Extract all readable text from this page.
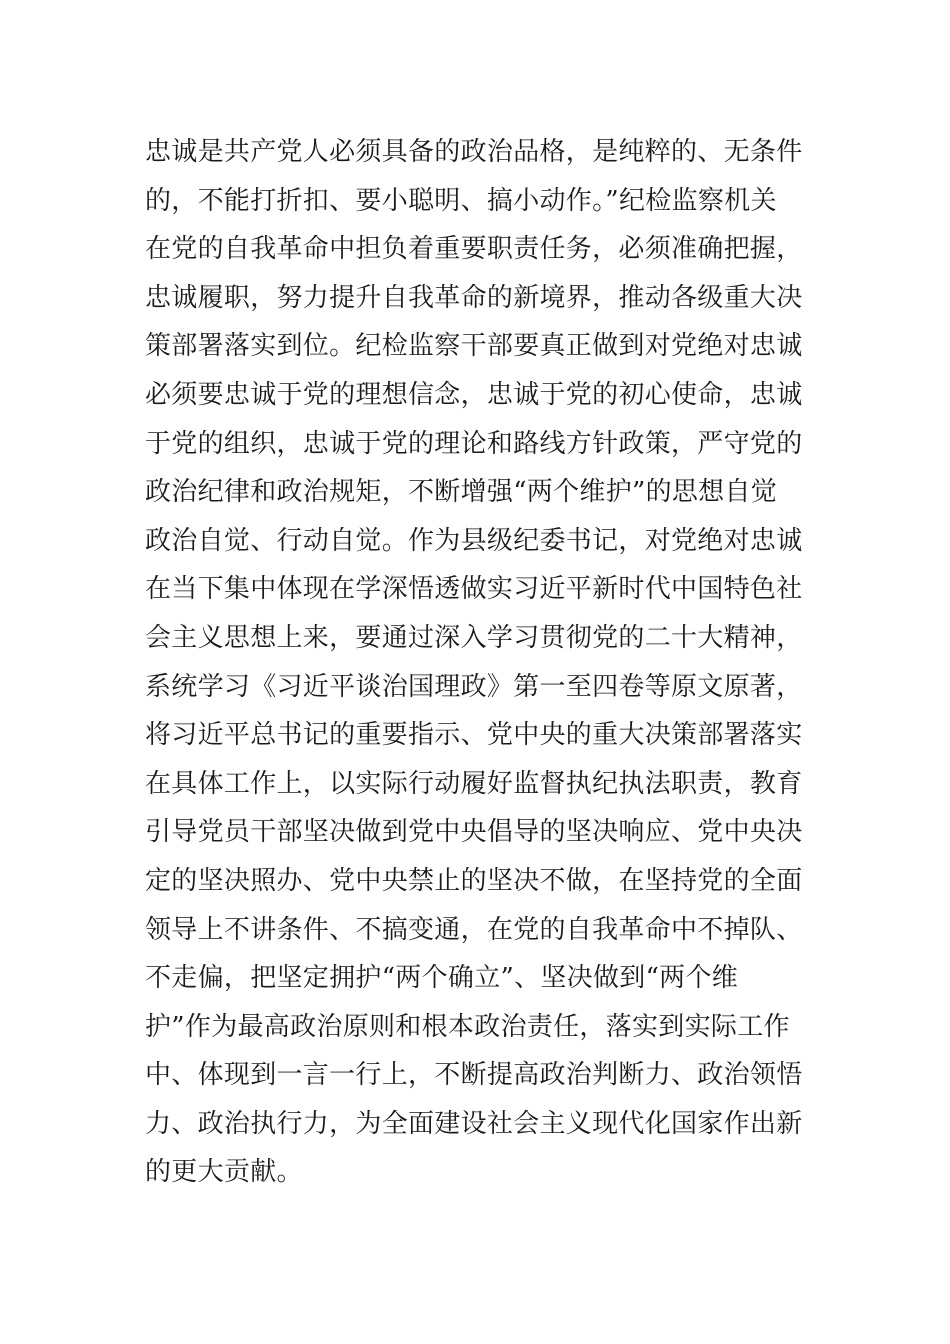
忠诚是共产党人必须具备的政治品格，是纯粹的、无条件
的，不能打折扣、要小聪明、搞小动作。”纪检监察机关
在党的自我革命中担负着重要职责任务，必须准确把握，
忠诚履职，努力提升自我革命的新境界，推动各级重大决
策部署落实到位。纪检监察干部要真正做到对党绝对忠诚
必须要忠诚于党的理想信念，忠诚于党的初心使命，忠诚
于党的组织，忠诚于党的理论和路线方针政策，严守党的
政治纪律和政治规矩，不断增强“两个维护”的思想自觉
政治自觉、行动自觉。作为县级纪委书记，对党绝对忠诚
在当下集中体现在学深悟透做实习近平新时代中国特色社
会主义思想上来，要通过深入学习贯彻党的二十大精神，
系统学习《习近平谈治国理政》第一至四卷等原文原著，
将习近平总书记的重要指示、党中央的重大决策部署落实
在具体工作上，以实际行动履好监督执纪执法职责，教育
引导党员干部坚决做到党中央倡导的坚决响应、党中央决
定的坚决照办、党中央禁止的坚决不做，在坚持党的全面
领导上不讲条件、不搞变通，在党的自我革命中不掉队、
不走偏，把坚定拥护“两个确立”、坚决做到“两个维
护”作为最高政治原则和根本政治责任，落实到实际工作
中、体现到一言一行上，不断提高政治判断力、政治领悟
力、政治执行力，为全面建设社会主义现代化国家作出新
的更大贡献。
